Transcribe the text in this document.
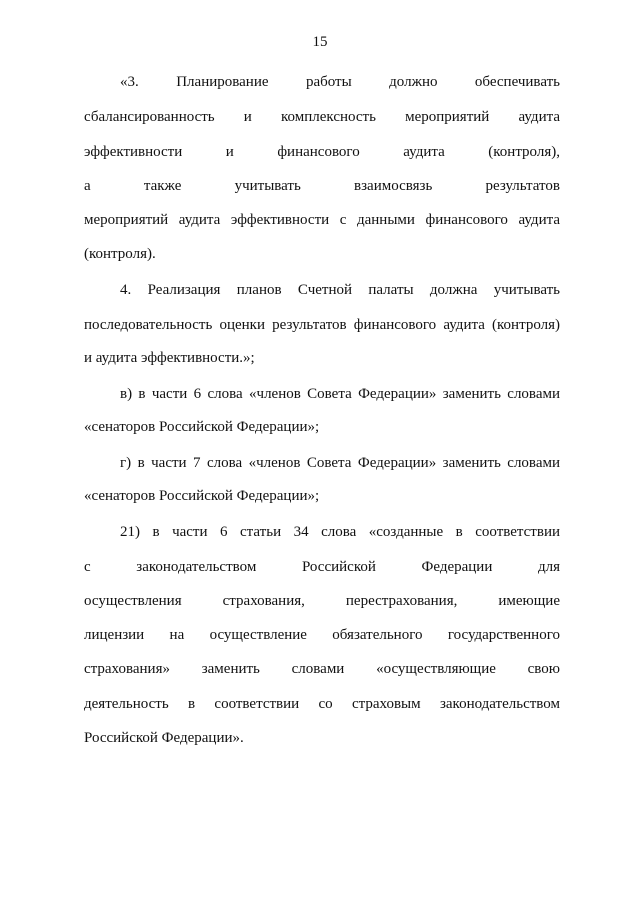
15
«3. Планирование работы должно обеспечивать
сбалансированность и комплексность мероприятий аудита
эффективности и финансового аудита (контроля),
а также учитывать взаимосвязь результатов
мероприятий аудита эффективности с данными финансового аудита
(контроля).
4. Реализация планов Счетной палаты должна учитывать
последовательность оценки результатов финансового аудита (контроля)
и аудита эффективности.»;
в) в части 6 слова «членов Совета Федерации» заменить словами
«сенаторов Российской Федерации»;
г) в части 7 слова «членов Совета Федерации» заменить словами
«сенаторов Российской Федерации»;
21) в части 6 статьи 34 слова «созданные в соответствии
с законодательством Российской Федерации для
осуществления страхования, перестрахования, имеющие
лицензии на осуществление обязательного государственного
страхования» заменить словами «осуществляющие свою
деятельность в соответствии со страховым законодательством
Российской Федерации».
